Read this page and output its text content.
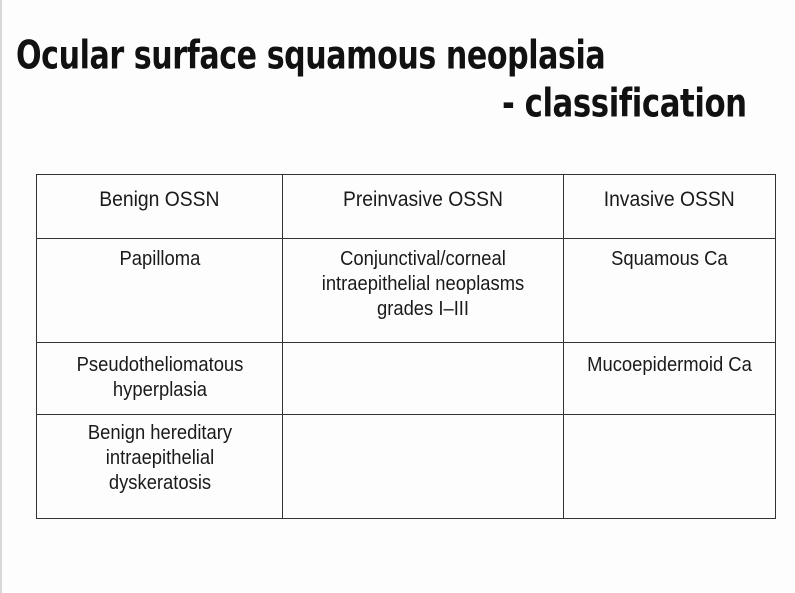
Ocular surface squamous neoplasia
- classification
Benign OSSN	Preinvasive OSSN	Invasive OSSN
Papilloma	Conjunctival/corneal intraepithelial neoplasms grades I–III	Squamous Ca
Pseudotheliomatous hyperplasia		Mucoepidermoid Ca
Benign hereditary intraepithelial dyskeratosis		
